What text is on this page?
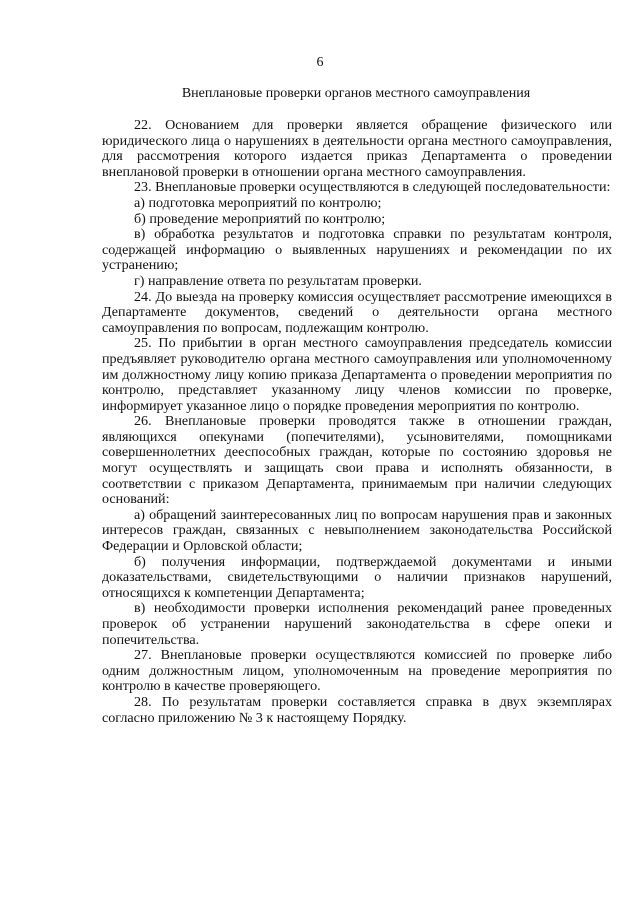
6
Внеплановые проверки органов местного самоуправления

22. Основанием для проверки является обращение физического или юридического лица о нарушениях в деятельности органа местного самоуправления, для рассмотрения которого издается приказ Департамента о проведении внеплановой проверки в отношении органа местного самоуправления.

23. Внеплановые проверки осуществляются в следующей последовательности:

а) подготовка мероприятий по контролю;

б) проведение мероприятий по контролю;

в) обработка результатов и подготовка справки по результатам контроля, содержащей информацию о выявленных нарушениях и рекомендации по их устранению;

г) направление ответа по результатам проверки.

24. До выезда на проверку комиссия осуществляет рассмотрение имеющихся в Департаменте документов, сведений о деятельности органа местного самоуправления по вопросам, подлежащим контролю.

25. По прибытии в орган местного самоуправления председатель комиссии предъявляет руководителю органа местного самоуправления или уполномоченному им должностному лицу копию приказа Департамента о проведении мероприятия по контролю, представляет указанному лицу членов комиссии по проверке, информирует указанное лицо о порядке проведения мероприятия по контролю.

26. Внеплановые проверки проводятся также в отношении граждан, являющихся опекунами (попечителями), усыновителями, помощниками совершеннолетних дееспособных граждан, которые по состоянию здоровья не могут осуществлять и защищать свои права и исполнять обязанности, в соответствии с приказом Департамента, принимаемым при наличии следующих оснований:

а) обращений заинтересованных лиц по вопросам нарушения прав и законных интересов граждан, связанных с невыполнением законодательства Российской Федерации и Орловской области;

б) получения информации, подтверждаемой документами и иными доказательствами, свидетельствующими о наличии признаков нарушений, относящихся к компетенции Департамента;

в) необходимости проверки исполнения рекомендаций ранее проведенных проверок об устранении нарушений законодательства в сфере опеки и попечительства.

27. Внеплановые проверки осуществляются комиссией по проверке либо одним должностным лицом, уполномоченным на проведение мероприятия по контролю в качестве проверяющего.

28. По результатам проверки составляется справка в двух экземплярах согласно приложению № 3 к настоящему Порядку.
